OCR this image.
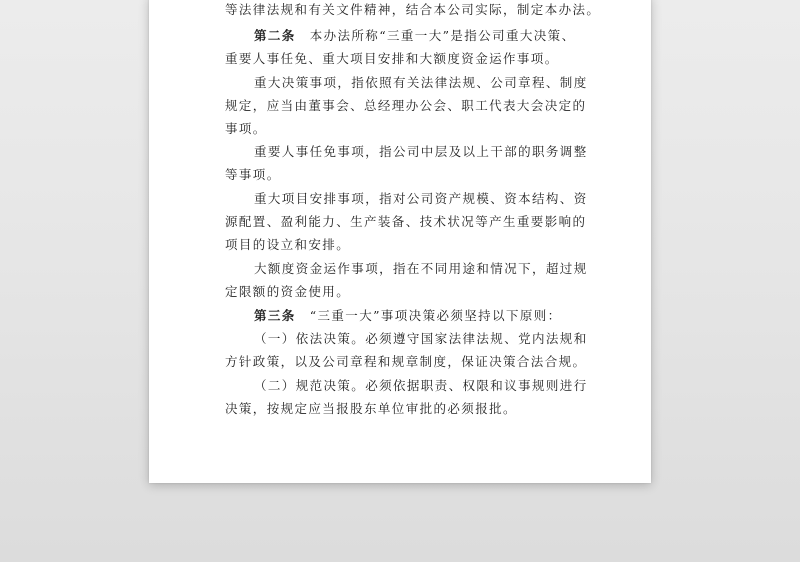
等法律法规和有关文件精神，结合本公司实际，制定本办法。
第二条 本办法所称“三重一大”是指公司重大决策、
重要人事任免、重大项目安排和大额度资金运作事项。
重大决策事项，指依照有关法律法规、公司章程、制度
规定，应当由董事会、总经理办公会、职工代表大会决定的
事项。
重要人事任免事项，指公司中层及以上干部的职务调整
等事项。
重大项目安排事项，指对公司资产规模、资本结构、资
源配置、盈利能力、生产装备、技术状况等产生重要影响的
项目的设立和安排。
大额度资金运作事项，指在不同用途和情况下，超过规
定限额的资金使用。
第三条 “三重一大”事项决策必须坚持以下原则：
（一）依法决策。必须遵守国家法律法规、党内法规和
方针政策，以及公司章程和规章制度，保证决策合法合规。
（二）规范决策。必须依据职责、权限和议事规则进行
决策，按规定应当报股东单位审批的必须报批。
